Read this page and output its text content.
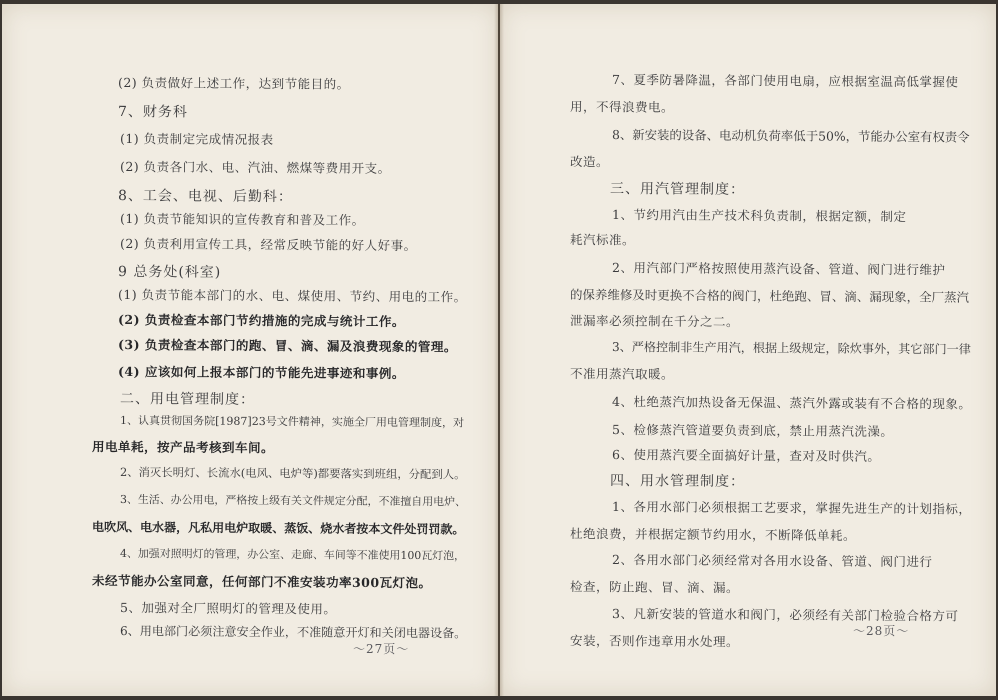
(2) 负责做好上述工作，达到节能目的。
7、财务科
(1) 负责制定完成情况报表
(2) 负责各门水、电、汽油、燃煤等费用开支。
8、工会、电视、后勤科：
(1) 负责节能知识的宣传教育和普及工作。
(2) 负责利用宣传工具，经常反映节能的好人好事。
9 总务处(科室)
(1) 负责节能本部门的水、电、煤使用、节约、用电的工作。
(2) 负责检查本部门节约措施的完成与统计工作。
(3) 负责检查本部门的跑、冒、滴、漏及浪费现象的管理。
(4) 应该如何上报本部门的节能先进事迹和事例。
二、用电管理制度：
1、认真贯彻国务院[1987]23号文件精神，实施全厂用电管理制度，对
用电单耗，按产品考核到车间。
2、消灭长明灯、长流水(电风、电炉等)都要落实到班组，分配到人。
3、生活、办公用电，严格按上级有关文件规定分配，不准擅自用电炉、
电吹风、电水器，凡私用电炉取暖、蒸饭、烧水者按本文件处罚罚款。
4、加强对照明灯的管理，办公室、走廊、车间等不准使用100瓦灯泡，
未经节能办公室同意，任何部门不准安装功率300瓦灯泡。
5、加强对全厂照明灯的管理及使用。
6、用电部门必须注意安全作业，不准随意开灯和关闭电器设备。
～27页～
7、夏季防暑降温，各部门使用电扇，应根据室温高低掌握使
用，不得浪费电。
8、新安装的设备、电动机负荷率低于50%，节能办公室有权责令
改造。
三、用汽管理制度：
1、节约用汽由生产技术科负责制，根据定额，制定
耗汽标准。
2、用汽部门严格按照使用蒸汽设备、管道、阀门进行维护
的保养维修及时更换不合格的阀门，杜绝跑、冒、滴、漏现象，全厂蒸汽
泄漏率必须控制在千分之二。
3、严格控制非生产用汽，根据上级规定，除炊事外，其它部门一律
不准用蒸汽取暖。
4、杜绝蒸汽加热设备无保温、蒸汽外露或装有不合格的现象。
5、检修蒸汽管道要负责到底，禁止用蒸汽洗澡。
6、使用蒸汽要全面搞好计量，查对及时供汽。
四、用水管理制度：
1、各用水部门必须根据工艺要求，掌握先进生产的计划指标，
杜绝浪费，并根据定额节约用水，不断降低单耗。
2、各用水部门必须经常对各用水设备、管道、阀门进行
检查，防止跑、冒、滴、漏。
3、凡新安装的管道水和阀门，必须经有关部门检验合格方可
安装，否则作违章用水处理。
～28页～
